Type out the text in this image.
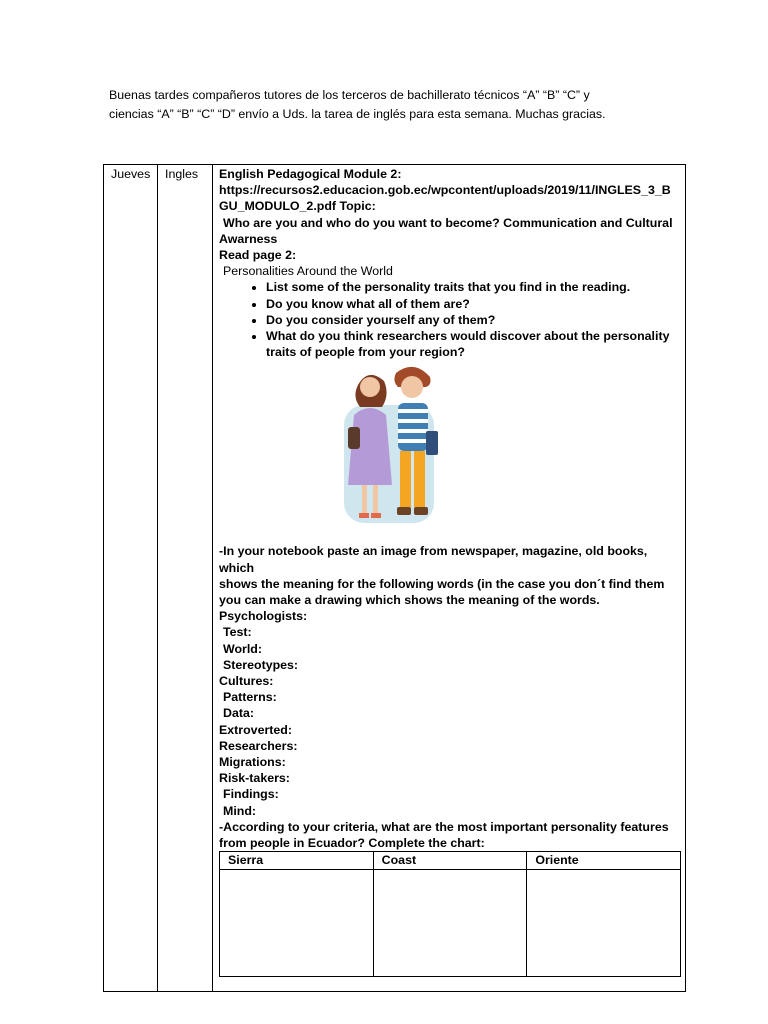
Buenas tardes compañeros tutores de los terceros de bachillerato técnicos “A” “B” “C” y
ciencias “A” “B” “C” “D” envío a Uds. la tarea de inglés para esta semana. Muchas gracias.
Jueves	Ingles	English Pedagogical Module 2:
https://recursos2.educacion.gob.ec/wpcontent/uploads/2019/11/INGLES_3_B
GU_MODULO_2.pdf Topic:
Who are you and who do you want to become? Communication and Cultural
Awarness
Read page 2:
Personalities Around the World
• List some of the personality traits that you find in the reading.
• Do you know what all of them are?
• Do you consider yourself any of them?
• What do you think researchers would discover about the personality traits of people from your region?
-In your notebook paste an image from newspaper, magazine, old books, which
shows the meaning for the following words (in the case you don´t find them
you can make a drawing which shows the meaning of the words.
Psychologists:
Test:
World:
Stereotypes:
Cultures:
Patterns:
Data:
Extroverted:
Researchers:
Migrations:
Risk-takers:
Findings:
Mind:
-According to your criteria, what are the most important personality features
from people in Ecuador? Complete the chart:
Sierra	Coast	Oriente
